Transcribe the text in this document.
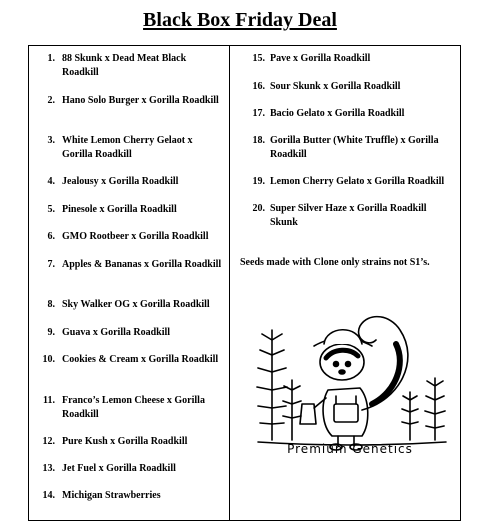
Black Box Friday Deal
1. 88 Skunk x Dead Meat Black Roadkill
2. Hano Solo Burger x Gorilla Roadkill
3. White Lemon Cherry Gelaot x Gorilla Roadkill
4. Jealousy x Gorilla Roadkill
5. Pinesole x Gorilla Roadkill
6. GMO Rootbeer x Gorilla Roadkill
7. Apples & Bananas x Gorilla Roadkill
8. Sky Walker OG x Gorilla Roadkill
9. Guava x Gorilla Roadkill
10. Cookies & Cream x Gorilla Roadkill
11. Franco’s Lemon Cheese x Gorilla Roadkill
12. Pure Kush x Gorilla Roadkill
13. Jet Fuel x Gorilla Roadkill
14. Michigan Strawberries
15. Pave x Gorilla Roadkill
16. Sour Skunk x Gorilla Roadkill
17. Bacio Gelato x Gorilla Roadkill
18. Gorilla Butter (White Truffle) x Gorilla Roadkill
19. Lemon Cherry Gelato x Gorilla Roadkill
20. Super Silver Haze x Gorilla Roadkill Skunk
Seeds made with Clone only strains not S1’s.
Premium Genetics
